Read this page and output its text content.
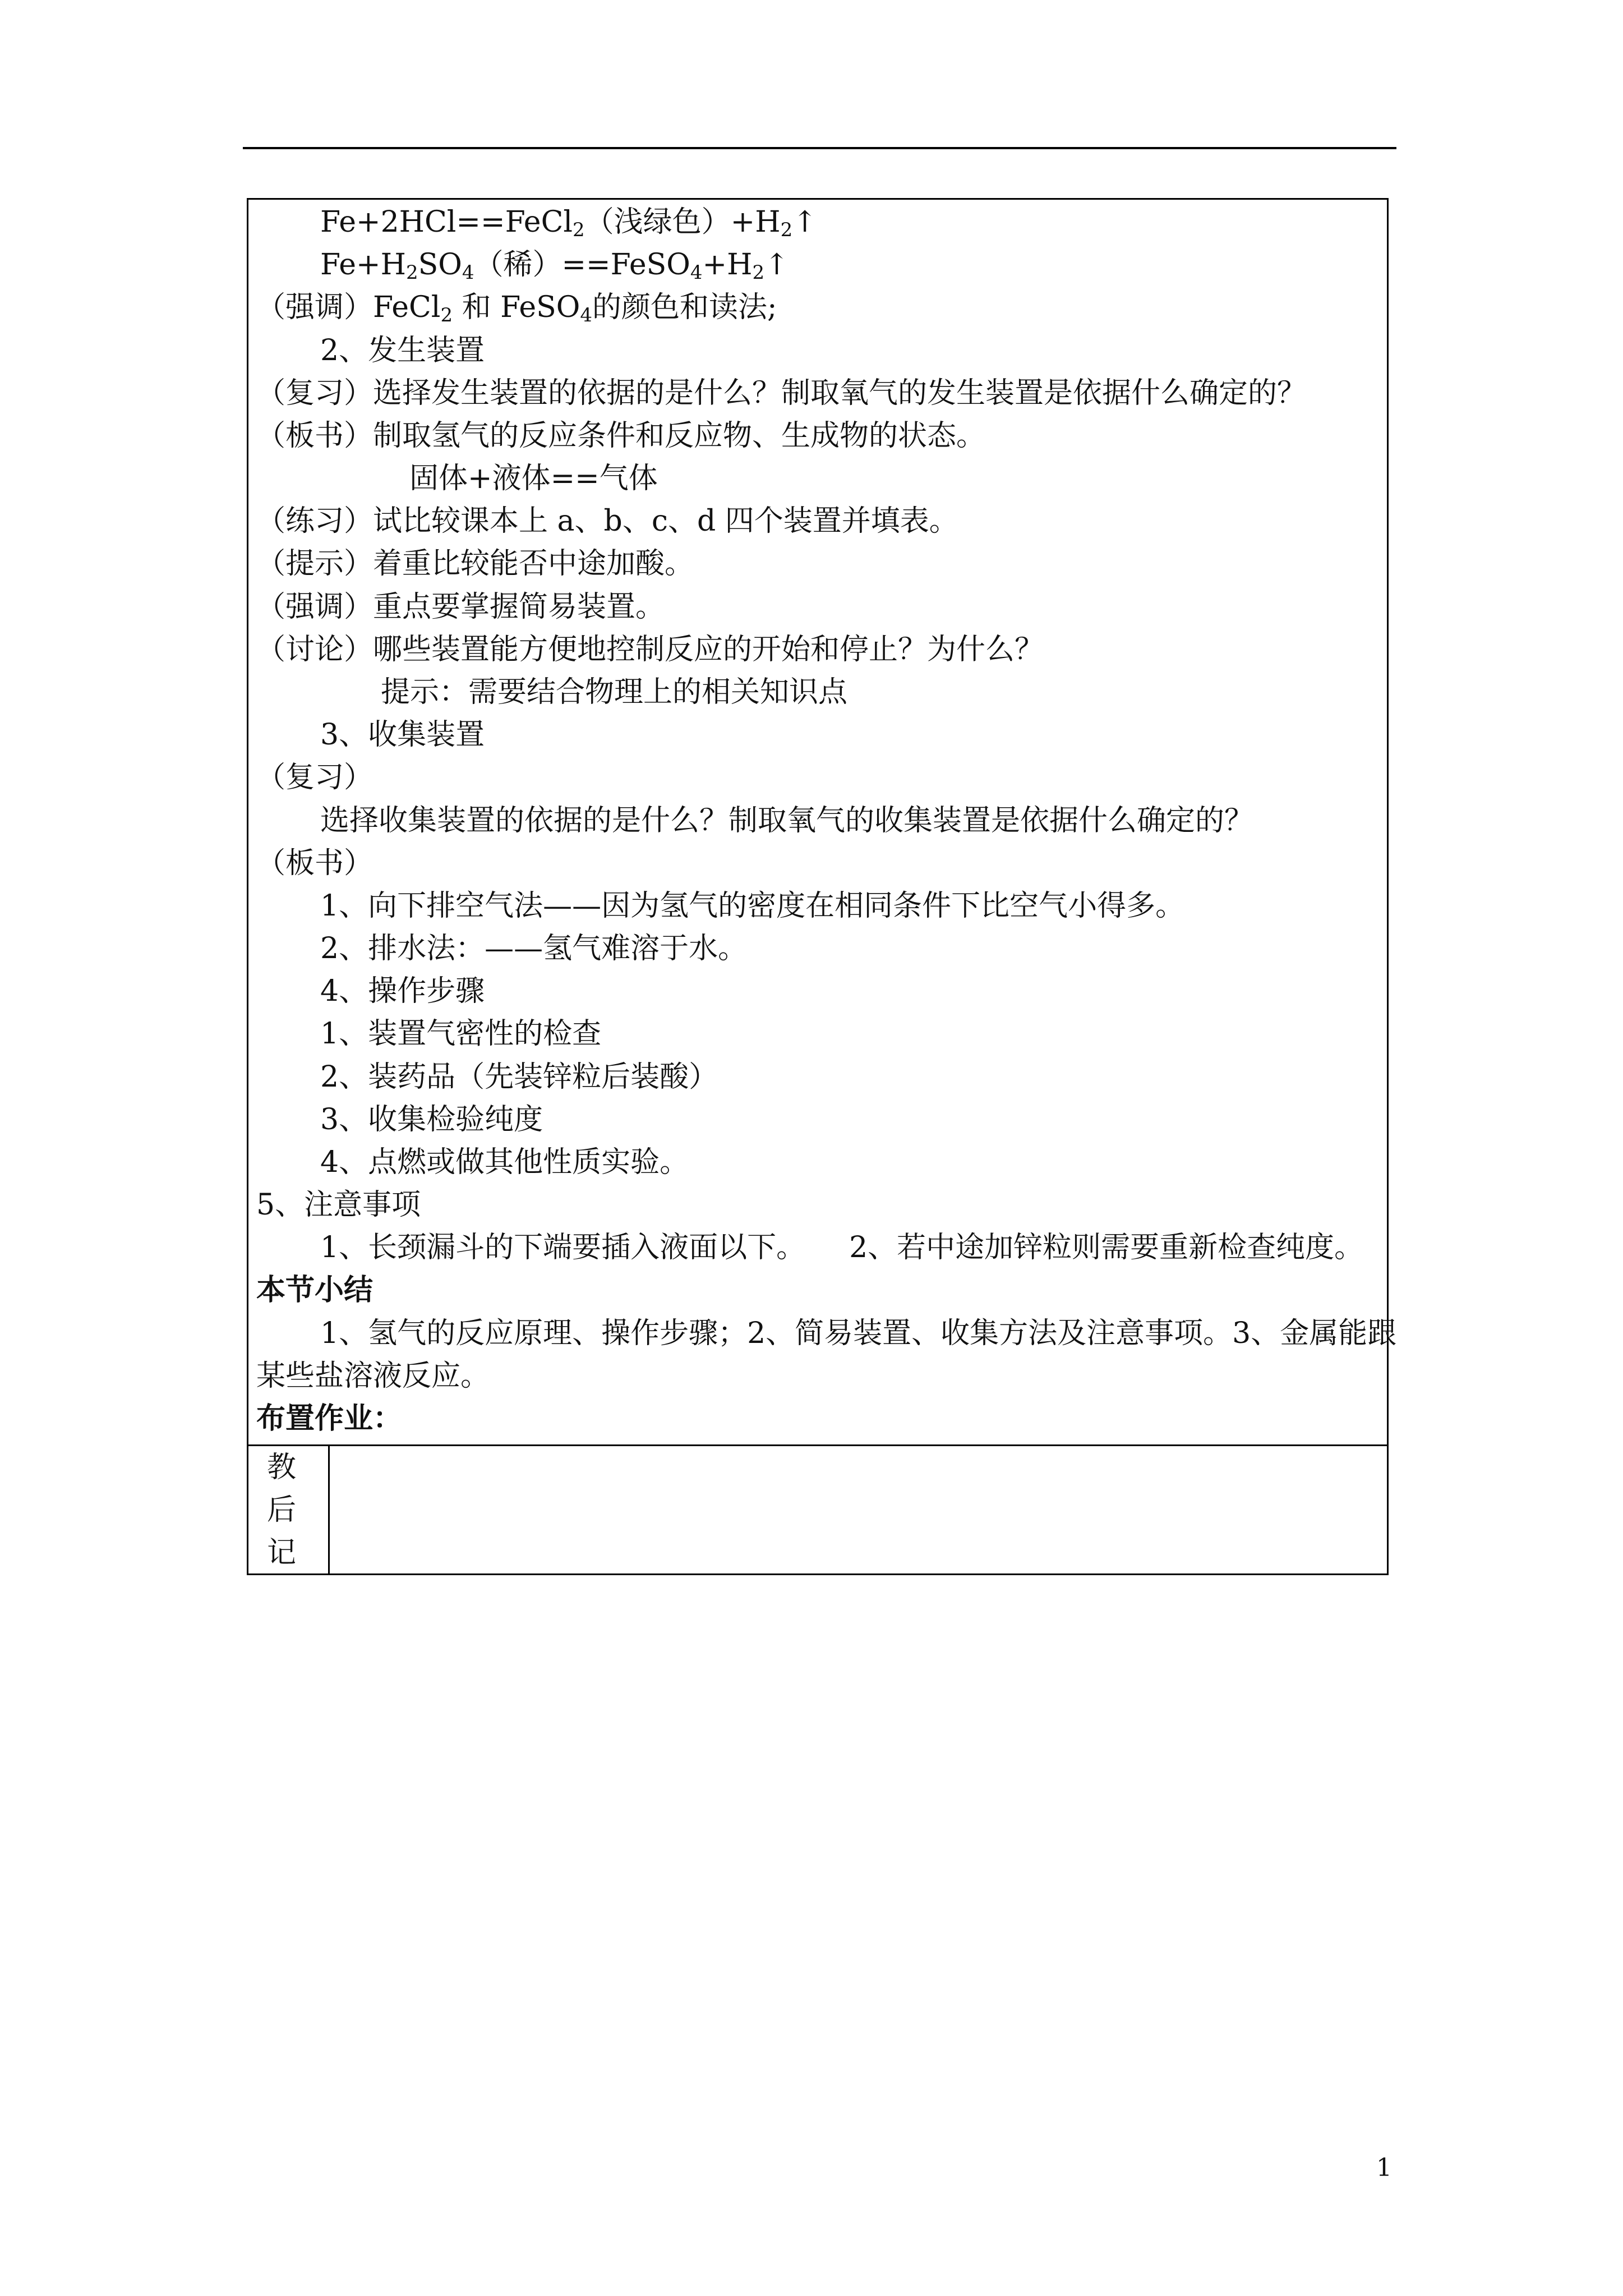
Fe+2HCl==FeCl$_2$（浅绿色）$+H_2↑$
$Fe+H_2SO_4$（稀）$==FeSO_4+H_2↑$
（强调）FeCl$_2$ 和 FeSO$_4$的颜色和读法;
2、发生装置
（复习）选择发生装置的依据的是什么？制取氧气的发生装置是依据什么确定的？
（板书）制取氢气的反应条件和反应物、生成物的状态。
固体+液体==气体
（练习）试比较课本上 a、b、c、d 四个装置并填表。
（提示）着重比较能否中途加酸。
（强调）重点要掌握简易装置。
（讨论）哪些装置能方便地控制反应的开始和停止？为什么？
提示：需要结合物理上的相关知识点
3、收集装置
（复习）
选择收集装置的依据的是什么？制取氧气的收集装置是依据什么确定的？
（板书）
1、向下排空气法——因为氢气的密度在相同条件下比空气小得多。
2、排水法：——氢气难溶于水。
4、操作步骤
1、装置气密性的检查
2、装药品（先装锌粒后装酸）
3、收集检验纯度
4、点燃或做其他性质实验。
5、注意事项
1、长颈漏斗的下端要插入液面以下。　　2、若中途加锌粒则需要重新检查纯度。
本节小结
1、氢气的反应原理、操作步骤；2、简易装置、收集方法及注意事项。3、金属能跟
某些盐溶液反应。
布置作业：
教
后
记
1
